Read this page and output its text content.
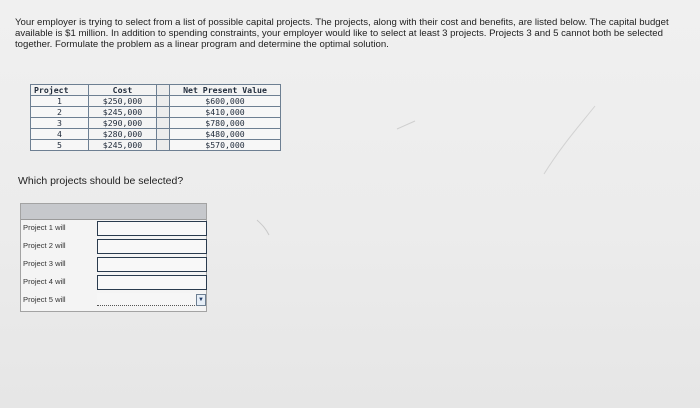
Your employer is trying to select from a list of possible capital projects. The projects, along with their cost and benefits, are listed below. The capital budget available is $1 million. In addition to spending constraints, your employer would like to select at least 3 projects. Projects 3 and 5 cannot both be selected together. Formulate the problem as a linear program and determine the optimal solution.
Project	Cost		Net Present Value
1	$250,000		$600,000
2	$245,000		$410,000
3	$290,000		$780,000
4	$280,000		$480,000
5	$245,000		$570,000
Which projects should be selected?
Project 1 will
Project 2 will
Project 3 will
Project 4 will
Project 5 will	▼
